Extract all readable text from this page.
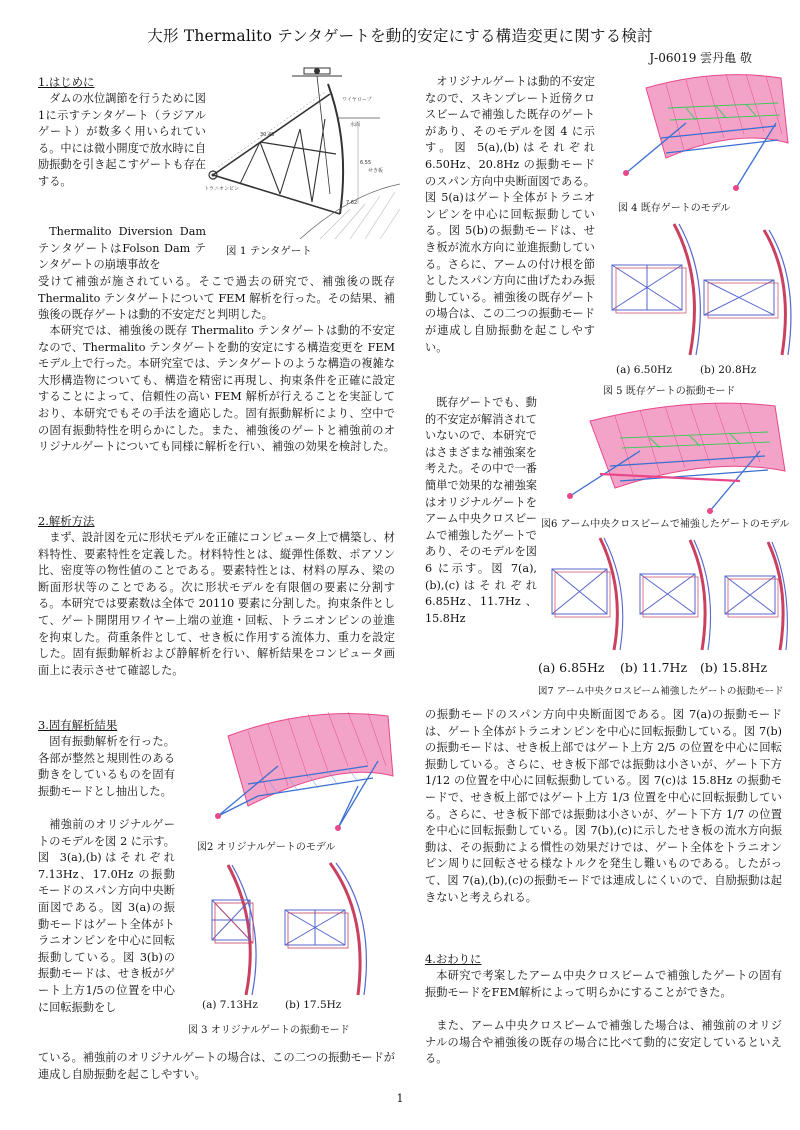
大形 Thermalito テンタゲートを動的安定にする構造変更に関する検討
J-06019 雲丹亀 敬
1.はじめに

ダムの水位調節を行うために図1に示すテンタゲート（ラジアルゲート）が数多く用いられている。中には微小開度で放水時に自励振動を引き起こすゲートも存在する。

Thermalito Diversion Dam テンタゲートはFolson Dam テンタゲートの崩壊事故を

受けて補強が施されている。そこで過去の研究で、補強後の既存 Thermalito テンタゲートについて FEM 解析を行った。その結果、補強後の既存ゲートは動的不安定だと判明した。

本研究では、補強後の既存 Thermalito テンタゲートは動的不安定なので、Thermalito テンタゲートを動的安定にする構造変更を FEM モデル上で行った。本研究室では、テンタゲートのような構造の複雑な大形構造物についても、構造を精密に再現し、拘束条件を正確に設定することによって、信頼性の高い FEM 解析が行えることを実証しており、本研究でもその手法を適応した。固有振動解析により、空中での固有振動特性を明らかにした。また、補強後のゲートと補強前のオリジナルゲートについても同様に解析を行い、補強の効果を検討した。

ワイヤロープ
水面
せき板
トラニオンピン
30.48
6.55
7.62
図 1 テンタゲート
2.解析方法

まず、設計図を元に形状モデルを正確にコンピュータ上で構築し、材料特性、要素特性を定義した。材料特性とは、縦弾性係数、ポアソン比、密度等の物性値のことである。要素特性とは、材料の厚み、梁の断面形状等のことである。次に形状モデルを有限個の要素に分割する。本研究では要素数は全体で 20110 要素に分割した。拘束条件として、ゲート開閉用ワイヤー上端の並進・回転、トラニオンピンの並進を拘束した。荷重条件として、せき板に作用する流体力、重力を設定した。固有振動解析および静解析を行い、解析結果をコンピュータ画面上に表示させて確認した。

3.固有解析結果

固有振動解析を行った。各部が整然と規則性のある動きをしているものを固有振動モードとし抽出した。

補強前のオリジナルゲートのモデルを図 2 に示す。図 3(a),(b)はそれぞれ 7.13Hz、17.0Hz の振動モードのスパン方向中央断面図である。図 3(a)の振動モードはゲート全体がトラニオンピンを中心に回転振動している。図 3(b)の振動モードは、せき板がゲート上方1/5の位置を中心に回転振動をし

ている。補強前のオリジナルゲートの場合は、この二つの振動モードが連成し自励振動を起こしやすい。

図2 オリジナルゲートのモデル
(a) 7.13Hz	(b) 17.5Hz
図 3 オリジナルゲートの振動モード

オリジナルゲートは動的不安定なので、スキンプレート近傍クロスビームで補強した既存のゲートがあり、そのモデルを図 4 に示す。図 5(a),(b)はそれぞれ 6.50Hz、20.8Hz の振動モードのスパン方向中央断面図である。図 5(a)はゲート全体がトラニオンピンを中心に回転振動している。図 5(b)の振動モードは、せき板が流水方向に並進振動している。さらに、アームの付け根を節としたスパン方向に曲げたわみ振動している。補強後の既存ゲートの場合は、この二つの振動モードが連成し自励振動を起こしやすい。

図 4 既存ゲートのモデル
(a) 6.50Hz	(b) 20.8Hz
図 5 既存ゲートの振動モード

既存ゲートでも、動的不安定が解消されていないので、本研究ではさまざまな補強案を考えた。その中で一番簡単で効果的な補強案はオリジナルゲートをアーム中央クロスビームで補強したゲートであり、そのモデルを図 6 に示す。図 7(a),(b),(c)はそれぞれ 6.85Hz、11.7Hz 、15.8Hz

図6 アーム中央クロスビームで補強したゲートのモデル
(a) 6.85Hz (b) 11.7Hz (b) 15.8Hz
図7 アーム中央クロスビーム補強したゲートの振動モード

の振動モードのスパン方向中央断面図である。図 7(a)の振動モードは、ゲート全体がトラニオンピンを中心に回転振動している。図 7(b)の振動モードは、せき板上部ではゲート上方 2/5 の位置を中心に回転振動している。さらに、せき板下部では振動は小さいが、ゲート下方 1/12 の位置を中心に回転振動している。図 7(c)は 15.8Hz の振動モードで、せき板上部ではゲート上方 1/3 位置を中心に回転振動している。さらに、せき板下部では振動は小さいが、ゲート下方 1/7 の位置を中心に回転振動している。図 7(b),(c)に示したせき板の流水方向振動は、その振動による慣性の効果だけでは、ゲート全体をトラニオンピン周りに回転させる様なトルクを発生し難いものである。したがって、図 7(a),(b),(c)の振動モードでは連成しにくいので、自励振動は起きないと考えられる。

4.おわりに

本研究で考案したアーム中央クロスビームで補強したゲートの固有振動モードをFEM解析によって明らかにすることができた。

また、アーム中央クロスビームで補強した場合は、補強前のオリジナルの場合や補強後の既存の場合に比べて動的に安定しているといえる。

1
